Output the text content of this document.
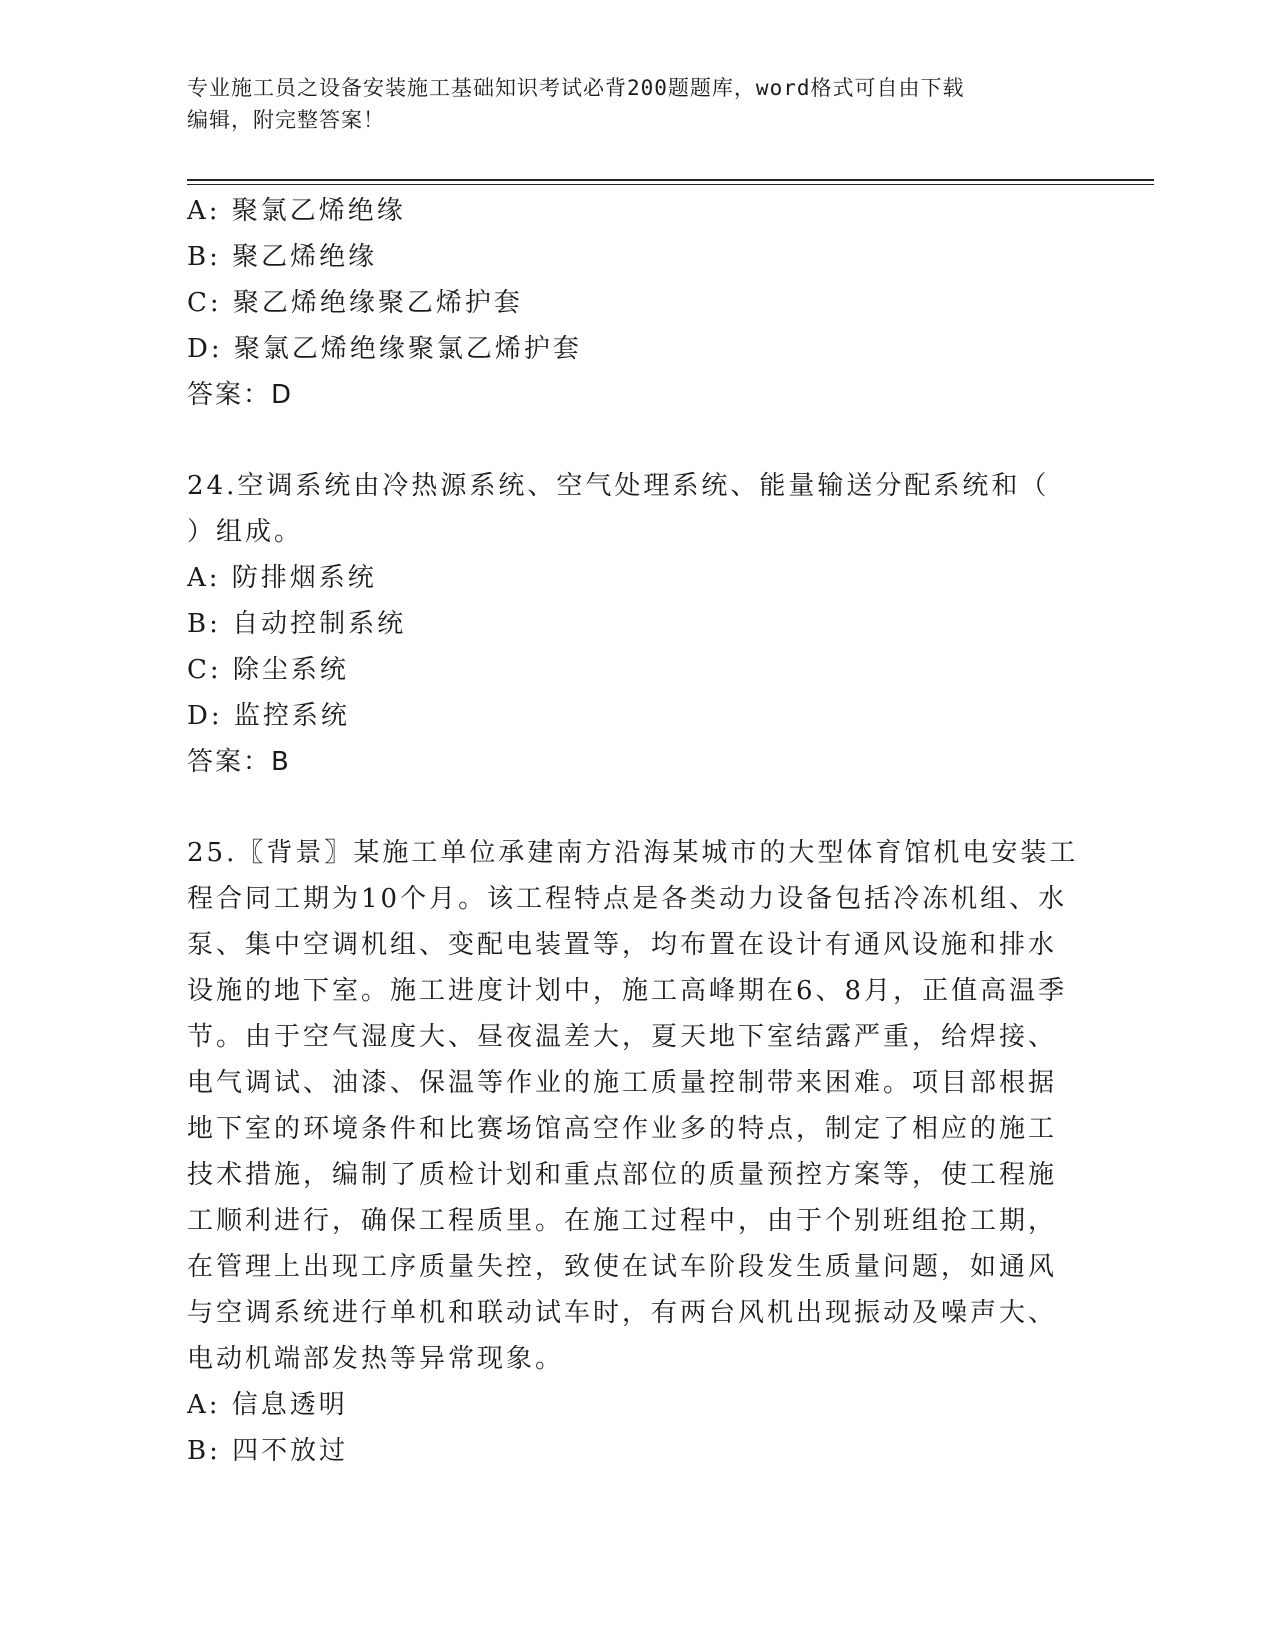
专业施工员之设备安装施工基础知识考试必背200题题库，word格式可自由下载
编辑，附完整答案！
A: 聚氯乙烯绝缘
B: 聚乙烯绝缘
C: 聚乙烯绝缘聚乙烯护套
D: 聚氯乙烯绝缘聚氯乙烯护套
答案：D
24.空调系统由冷热源系统、空气处理系统、能量输送分配系统和（
）组成。
A: 防排烟系统
B: 自动控制系统
C: 除尘系统
D: 监控系统
答案：B
25.〖背景〗某施工单位承建南方沿海某城市的大型体育馆机电安装工
程合同工期为10个月。该工程特点是各类动力设备包括冷冻机组、水
泵、集中空调机组、变配电装置等，均布置在设计有通风设施和排水
设施的地下室。施工进度计划中，施工高峰期在6、8月，正值高温季
节。由于空气湿度大、昼夜温差大，夏天地下室结露严重，给焊接、
电气调试、油漆、保温等作业的施工质量控制带来困难。项目部根据
地下室的环境条件和比赛场馆高空作业多的特点，制定了相应的施工
技术措施，编制了质检计划和重点部位的质量预控方案等，使工程施
工顺利进行，确保工程质里。在施工过程中，由于个别班组抢工期，
在管理上出现工序质量失控，致使在试车阶段发生质量问题，如通风
与空调系统进行单机和联动试车时，有两台风机出现振动及噪声大、
电动机端部发热等异常现象。
A: 信息透明
B: 四不放过
